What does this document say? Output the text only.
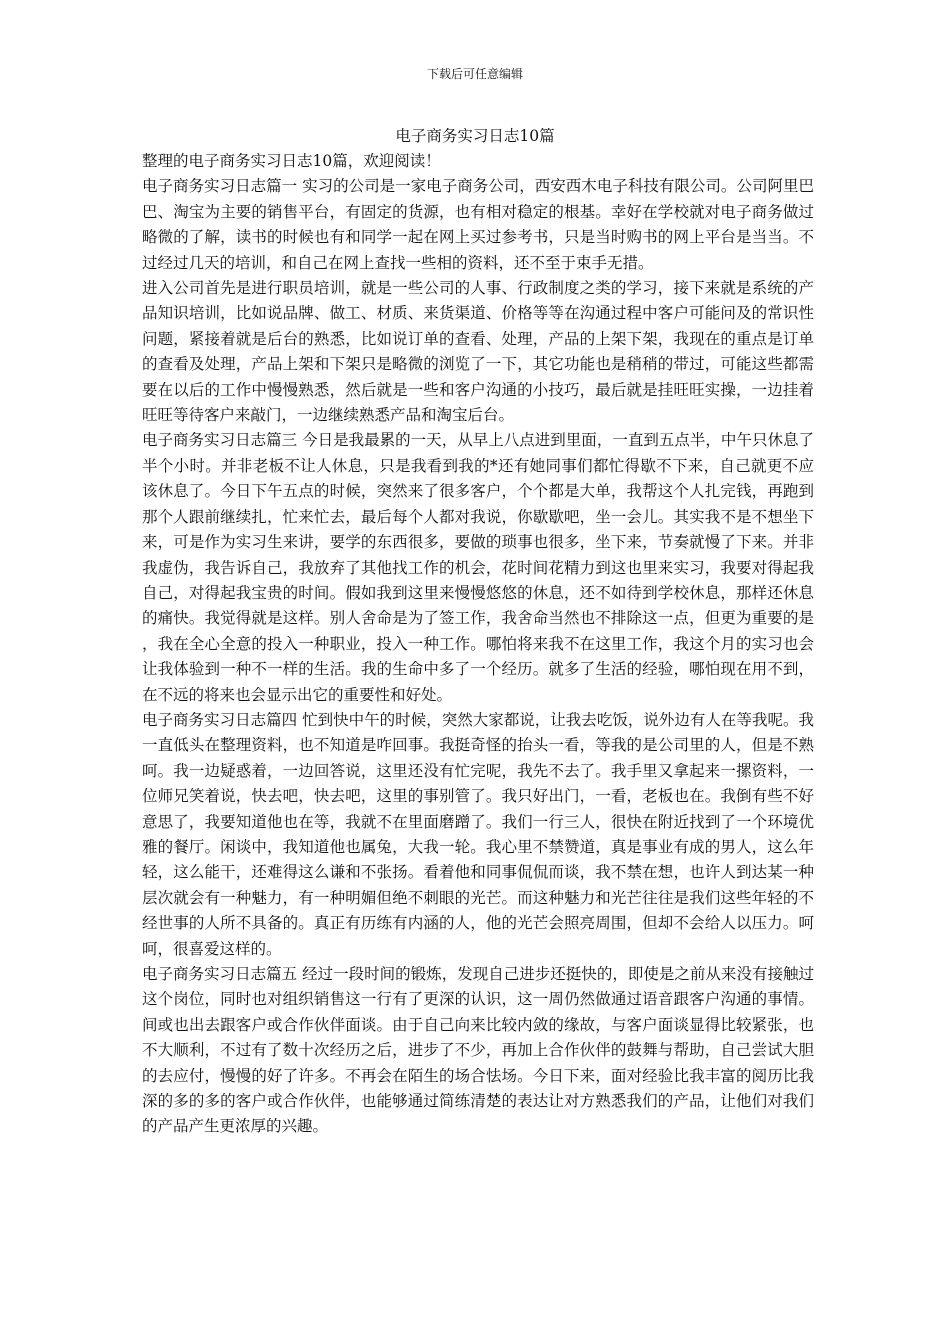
下载后可任意编辑
电子商务实习日志10篇

整理的电子商务实习日志10篇，欢迎阅读！

电子商务实习日志篇一 实习的公司是一家电子商务公司，西安西木电子科技有限公司。公司阿里巴巴、淘宝为主要的销售平台，有固定的货源，也有相对稳定的根基。幸好在学校就对电子商务做过略微的了解，读书的时候也有和同学一起在网上买过参考书，只是当时购书的网上平台是当当。不过经过几天的培训，和自己在网上查找一些相的资料，还不至于束手无措。

进入公司首先是进行职员培训，就是一些公司的人事、行政制度之类的学习，接下来就是系统的产品知识培训，比如说品牌、做工、材质、来货渠道、价格等等在沟通过程中客户可能问及的常识性问题，紧接着就是后台的熟悉，比如说订单的查看、处理，产品的上架下架，我现在的重点是订单的查看及处理，产品上架和下架只是略微的浏览了一下，其它功能也是稍稍的带过，可能这些都需要在以后的工作中慢慢熟悉，然后就是一些和客户沟通的小技巧，最后就是挂旺旺实操，一边挂着旺旺等待客户来敲门，一边继续熟悉产品和淘宝后台。

电子商务实习日志篇三 今日是我最累的一天，从早上八点进到里面，一直到五点半，中午只休息了半个小时。并非老板不让人休息，只是我看到我的*还有她同事们都忙得歇不下来，自己就更不应该休息了。今日下午五点的时候，突然来了很多客户，个个都是大单，我帮这个人扎完钱，再跑到那个人跟前继续扎，忙来忙去，最后每个人都对我说，你歇歇吧，坐一会儿。其实我不是不想坐下来，可是作为实习生来讲，要学的东西很多，要做的琐事也很多，坐下来，节奏就慢了下来。并非我虚伪，我告诉自己，我放弃了其他找工作的机会，花时间花精力到这也里来实习，我要对得起我自己，对得起我宝贵的时间。假如我到这里来慢慢悠悠的休息，还不如待到学校休息，那样还休息的痛快。我觉得就是这样。别人舍命是为了签工作，我舍命当然也不排除这一点，但更为重要的是，我在全心全意的投入一种职业，投入一种工作。哪怕将来我不在这里工作，我这个月的实习也会让我体验到一种不一样的生活。我的生命中多了一个经历。就多了生活的经验，哪怕现在用不到，在不远的将来也会显示出它的重要性和好处。

电子商务实习日志篇四 忙到快中午的时候，突然大家都说，让我去吃饭，说外边有人在等我呢。我一直低头在整理资料，也不知道是咋回事。我挺奇怪的抬头一看，等我的是公司里的人，但是不熟呵。我一边疑惑着，一边回答说，这里还没有忙完呢，我先不去了。我手里又拿起来一摞资料，一位师兄笑着说，快去吧，快去吧，这里的事别管了。我只好出门，一看，老板也在。我倒有些不好意思了，我要知道他也在等，我就不在里面磨蹭了。我们一行三人，很快在附近找到了一个环境优雅的餐厅。闲谈中，我知道他也属兔，大我一轮。我心里不禁赞道，真是事业有成的男人，这么年轻，这么能干，还难得这么谦和不张扬。看着他和同事侃侃而谈，我不禁在想，也许人到达某一种层次就会有一种魅力，有一种明媚但绝不刺眼的光芒。而这种魅力和光芒往往是我们这些年轻的不经世事的人所不具备的。真正有历练有内涵的人，他的光芒会照亮周围，但却不会给人以压力。呵呵，很喜爱这样的。

电子商务实习日志篇五 经过一段时间的锻炼，发现自己进步还挺快的，即使是之前从来没有接触过这个岗位，同时也对组织销售这一行有了更深的认识，这一周仍然做通过语音跟客户沟通的事情。间或也出去跟客户或合作伙伴面谈。由于自己向来比较内敛的缘故，与客户面谈显得比较紧张，也不大顺利，不过有了数十次经历之后，进步了不少，再加上合作伙伴的鼓舞与帮助，自己尝试大胆的去应付，慢慢的好了许多。不再会在陌生的场合怯场。今日下来，面对经验比我丰富的阅历比我深的多的多的客户或合作伙伴，也能够通过简练清楚的表达让对方熟悉我们的产品，让他们对我们的产品产生更浓厚的兴趣。
